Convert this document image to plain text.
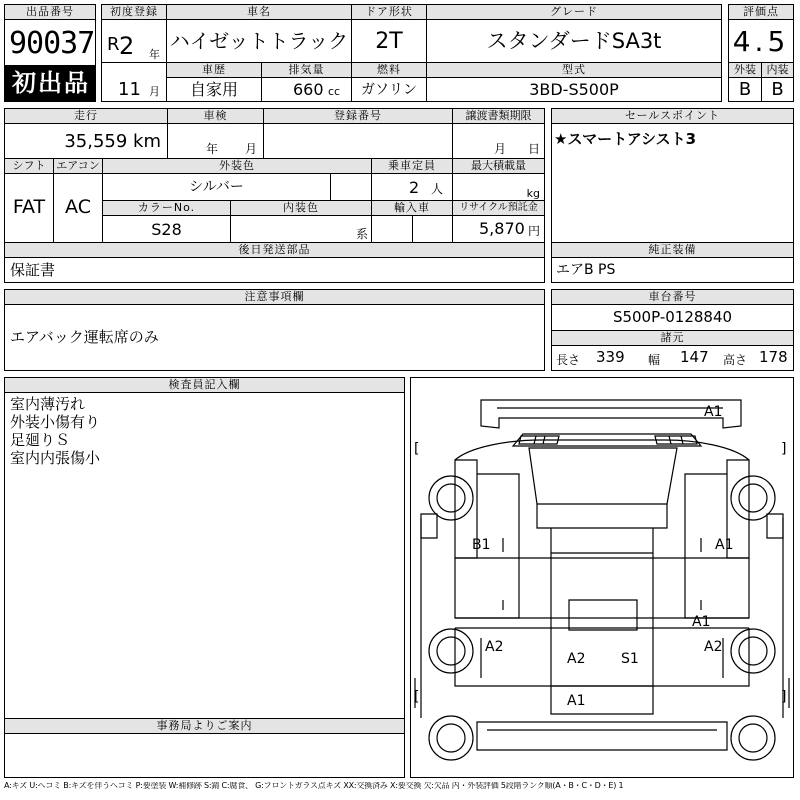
出品番号
90037
初出品
初度登録
R 2 年
11 月
車名
ハイゼットトラック
ドア形状
2T
グレード
スタンダードSA3t
評価点
4.5
車歴
自家用
排気量
660 cc
燃料
ガソリン
型式
3BD-S500P
外装 内装
B	B
走行
35,559 km
車検
年 月
登録番号	譲渡書類期限
月 日
シフト エアコン
FAT	AC
外装色
シルバー
乗車定員
2 人
最大積載量
kg
カラーNo.
S28
内装色
系
輸入車	リサイクル預託金
5,870 円
セールスポイント
★スマートアシスト3
後日発送部品
保証書
純正装備
エアB PS
注意事項欄
エアバック運転席のみ
車台番号
S500P-0128840
諸元
長さ 339 幅 147 高さ 178
検査員記入欄
室内薄汚れ
外装小傷有り
足廻りＳ
室内内張傷小
事務局よりご案内
A1
[	]
B1	A1
A1
A2	A2
A2	S1
A1
[	]
A:キズ U:ヘコミ B:キズを伴うヘコミ P:要塗装 W:補修跡 S:錆 C:腐食、 G:フロントガラス点キズ XX:交換済み X:要交換 欠:欠品 内・外装評価 5段階ランク順(A・B・C・D・E) 1
